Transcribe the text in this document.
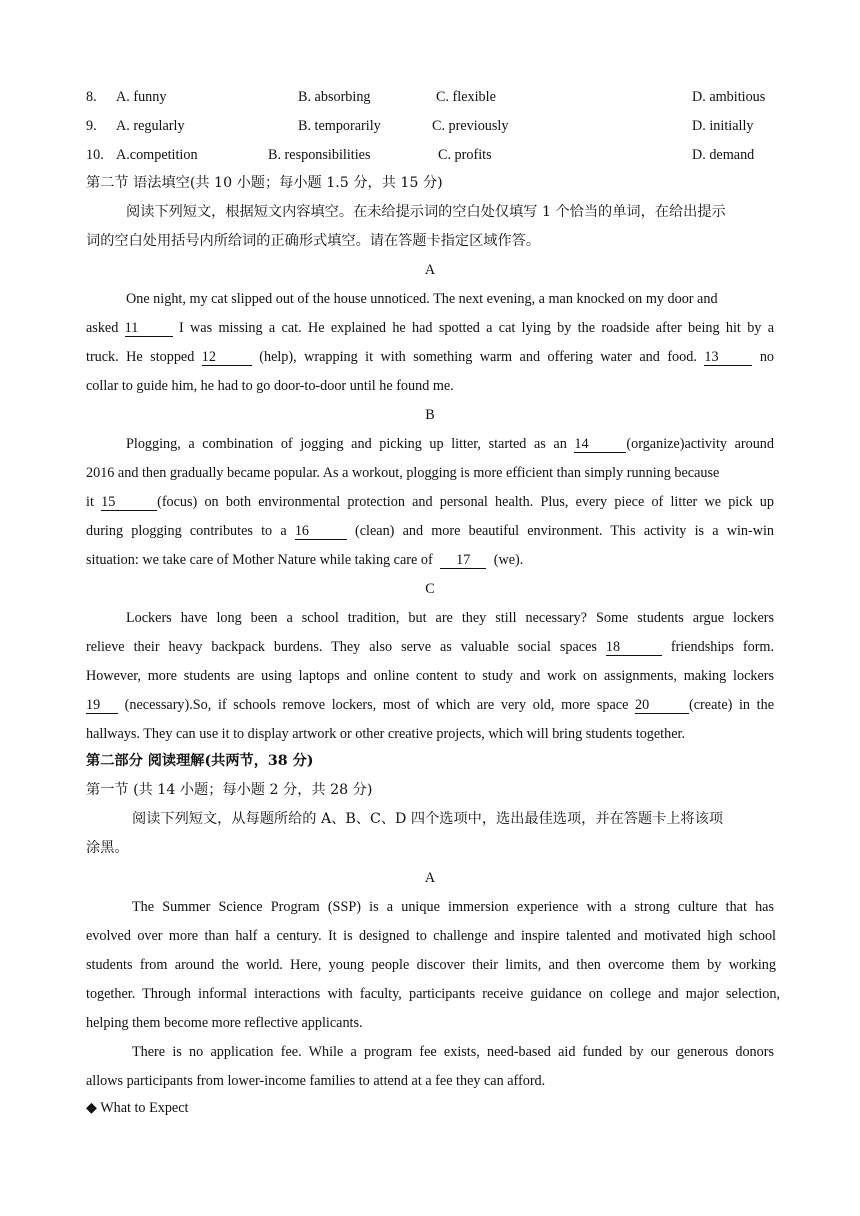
8. A. funny	B. absorbing	C. flexible	D. ambitious
9. A. regularly	B. temporarily	C. previously	D. initially
10. A.competition	B. responsibilities	C. profits	D. demand
第二节 语法填空(共 10 小题；每小题 1.5 分，共 15 分)
阅读下列短文，根据短文内容填空。在未给提示词的空白处仅填写 1 个恰当的单词，在给出提示
词的空白处用括号内所给词的正确形式填空。请在答题卡指定区域作答。
A
One night, my cat slipped out of the house unnoticed. The next evening, a man knocked on my door and
asked 11	I was missing a cat. He explained he had spotted a cat lying by the roadside after being hit by a
truck. He stopped 12	(help), wrapping it with something warm and offering water and food. 13	no
collar to guide him, he had to go door-to-door until he found me.
B
Plogging, a combination of jogging and picking up litter, started as an 14	(organize)activity around
2016 and then gradually became popular. As a workout, plogging is more efficient than simply running because
it 15	(focus) on both environmental protection and personal health. Plus, every piece of litter we pick up
during plogging contributes to a 16	(clean) and more beautiful environment. This activity is a win-win
situation: we take care of Mother Nature while taking care of 17 (we).
C
Lockers have long been a school tradition, but are they still necessary? Some students argue lockers
relieve their heavy backpack burdens. They also serve as valuable social spaces 18	friendships form.
However, more students are using laptops and online content to study and work on assignments, making lockers
19 (necessary).So, if schools remove lockers, most of which are very old, more space 20	(create) in the
hallways. They can use it to display artwork or other creative projects, which will bring students together.
第二部分 阅读理解(共两节，38 分)
第一节 (共 14 小题；每小题 2 分，共 28 分)
阅读下列短文，从每题所给的 A、B、C、D 四个选项中，选出最佳选项，并在答题卡上将该项
涂黑。
A
The Summer Science Program (SSP) is a unique immersion experience with a strong culture that has
evolved over more than half a century. It is designed to challenge and inspire talented and motivated high school
students from around the world. Here, young people discover their limits, and then overcome them by working
together. Through informal interactions with faculty, participants receive guidance on college and major selection,
helping them become more reflective applicants.
There is no application fee. While a program fee exists, need-based aid funded by our generous donors
allows participants from lower-income families to attend at a fee they can afford.
◆ What to Expect
